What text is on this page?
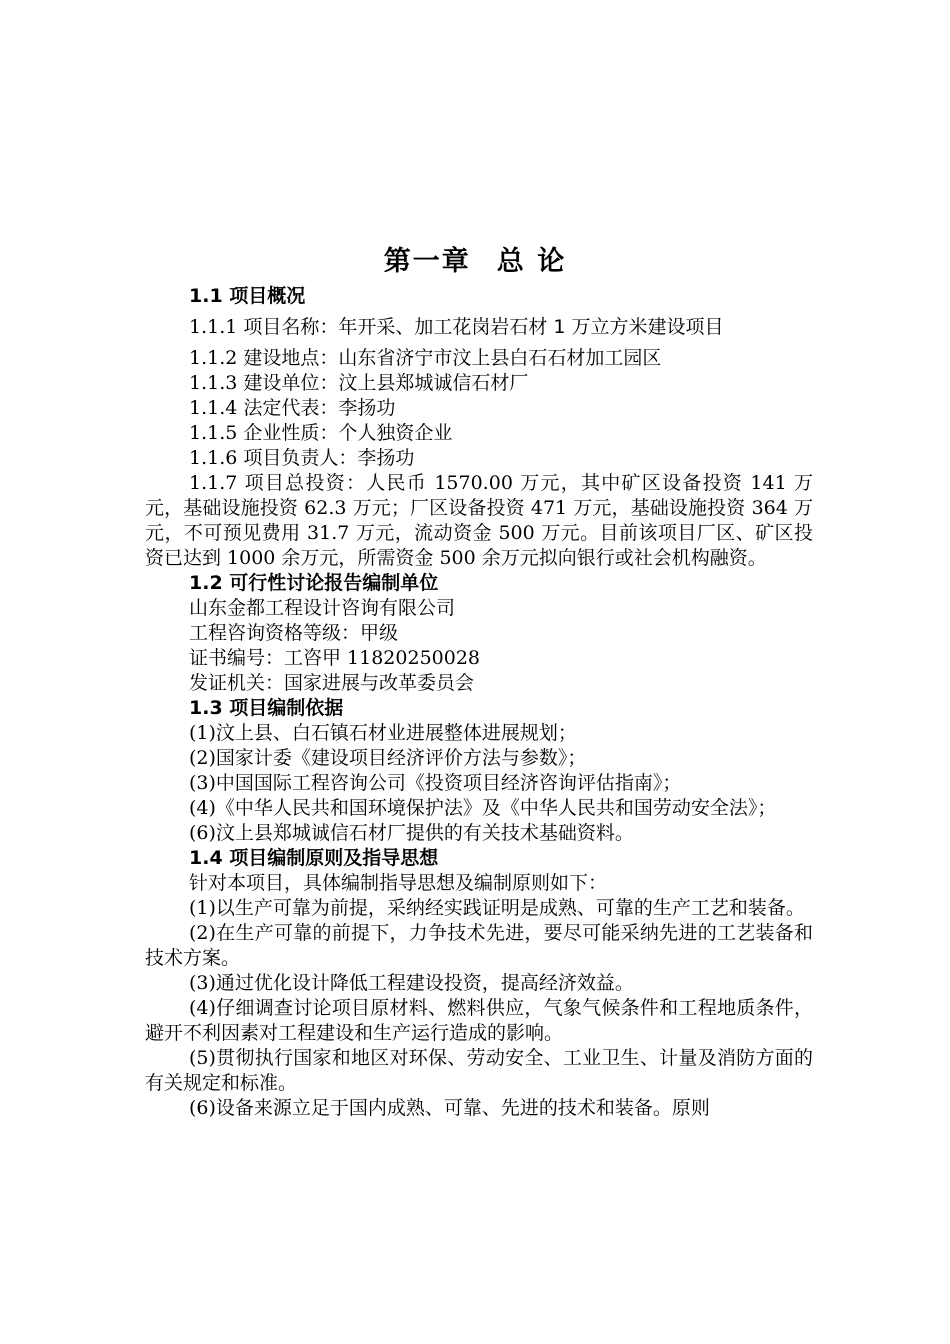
第一章 总 论

1.1 项目概况

1.1.1 项目名称：年开采、加工花岗岩石材 1 万立方米建设项目

1.1.2 建设地点：山东省济宁市汶上县白石石材加工园区

1.1.3 建设单位：汶上县郑城诚信石材厂

1.1.4 法定代表：李扬功

1.1.5 企业性质：个人独资企业

1.1.6 项目负责人：李扬功

1.1.7 项目总投资：人民币 1570.00 万元，其中矿区设备投资 141 万元，基础设施投资 62.3 万元；厂区设备投资 471 万元，基础设施投资 364 万元，不可预见费用 31.7 万元，流动资金 500 万元。目前该项目厂区、矿区投资已达到 1000 余万元，所需资金 500 余万元拟向银行或社会机构融资。

1.2 可行性讨论报告编制单位

山东金都工程设计咨询有限公司

工程咨询资格等级：甲级

证书编号：工咨甲 11820250028

发证机关：国家进展与改革委员会

1.3 项目编制依据

(1)汶上县、白石镇石材业进展整体进展规划；

(2)国家计委《建设项目经济评价方法与参数》；

(3)中国国际工程咨询公司《投资项目经济咨询评估指南》；

(4)《中华人民共和国环境保护法》及《中华人民共和国劳动安全法》；

(6)汶上县郑城诚信石材厂提供的有关技术基础资料。

1.4 项目编制原则及指导思想

针对本项目，具体编制指导思想及编制原则如下：

(1)以生产可靠为前提，采纳经实践证明是成熟、可靠的生产工艺和装备。

(2)在生产可靠的前提下，力争技术先进，要尽可能采纳先进的工艺装备和技术方案。

(3)通过优化设计降低工程建设投资，提高经济效益。

(4)仔细调查讨论项目原材料、燃料供应，气象气候条件和工程地质条件，避开不利因素对工程建设和生产运行造成的影响。

(5)贯彻执行国家和地区对环保、劳动安全、工业卫生、计量及消防方面的有关规定和标准。

(6)设备来源立足于国内成熟、可靠、先进的技术和装备。原则
